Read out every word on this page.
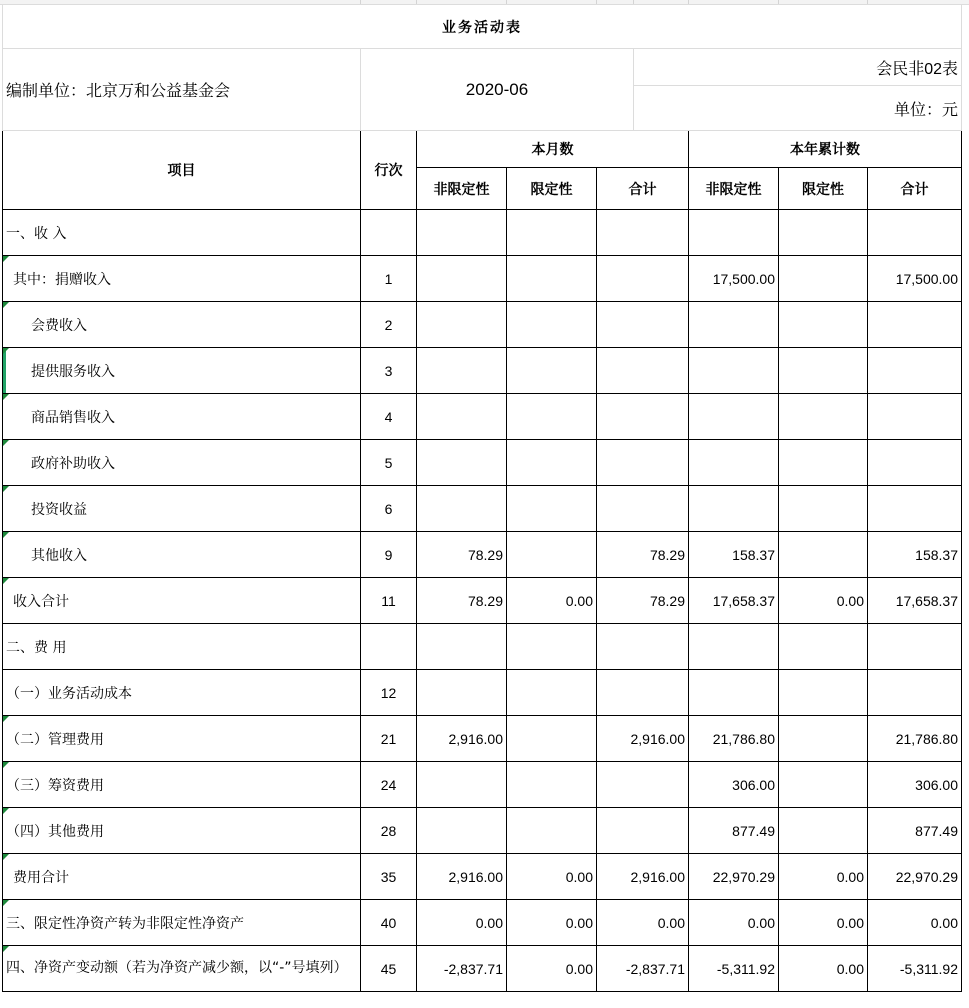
业务活动表								
编制单位：北京万和公益基金会	2020-06				会民非02表			
					单位：元			
项目	行次	本月数				本年累计数		
		非限定性	限定性	合计		非限定性	限定性	合计
一、收 入								

其中：捐赠收入	1					17,500.00		17,500.00

会费收入	2							

提供服务收入	3							

商品销售收入	4							

政府补助收入	5							

投资收益	6							

其他收入	9	78.29		78.29		158.37		158.37

收入合计	11	78.29	0.00	78.29		17,658.37	0.00	17,658.37
二、费 用								
（一）业务活动成本	12							

（二）管理费用	21	2,916.00		2,916.00		21,786.80		21,786.80

（三）筹资费用	24					306.00		306.00

（四）其他费用	28					877.49		877.49

费用合计	35	2,916.00	0.00	2,916.00		22,970.29	0.00	22,970.29

三、限定性净资产转为非限定性净资产	40	0.00	0.00	0.00		0.00	0.00	0.00

四、净资产变动额（若为净资产减少额，以“-”号填列）	45	-2,837.71	0.00	-2,837.71		-5,311.92	0.00	-5,311.92
